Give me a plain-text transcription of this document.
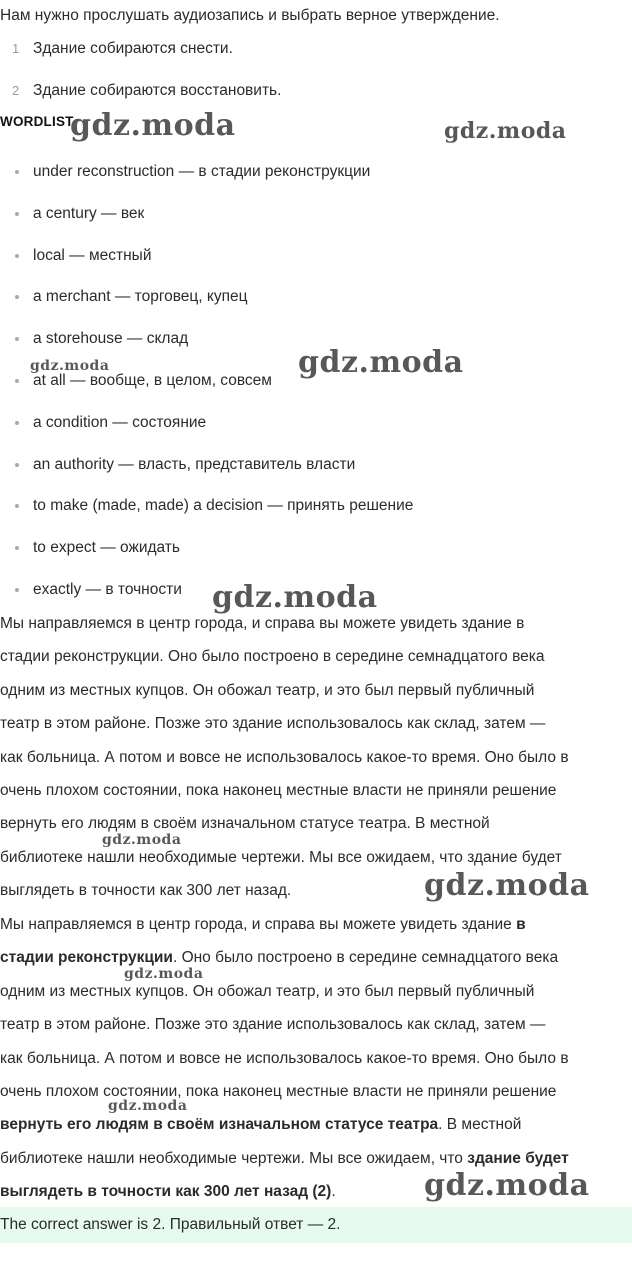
Нам нужно прослушать аудиозапись и выбрать верное утверждение.

1 Здание собираются снести.
2 Здание собираются восстановить.
WORDLIST
under reconstruction — в стадии реконструкции
a century — век
local — местный
a merchant — торговец, купец
a storehouse — склад
at all — вообще, в целом, совсем
a condition — состояние
an authority — власть, представитель власти
to make (made, made) a decision — принять решение
to expect — ожидать
exactly — в точности
Мы направляемся в центр города, и справа вы можете увидеть здание в
стадии реконструкции. Оно было построено в середине семнадцатого века
одним из местных купцов. Он обожал театр, и это был первый публичный
театр в этом районе. Позже это здание использовалось как склад, затем —
как больница. А потом и вовсе не использовалось какое-то время. Оно было в
очень плохом состоянии, пока наконец местные власти не приняли решение
вернуть его людям в своём изначальном статусе театра. В местной
библиотеке нашли необходимые чертежи. Мы все ожидаем, что здание будет
выглядеть в точности как 300 лет назад.
Мы направляемся в центр города, и справа вы можете увидеть здание в
стадии реконструкции. Оно было построено в середине семнадцатого века
одним из местных купцов. Он обожал театр, и это был первый публичный
театр в этом районе. Позже это здание использовалось как склад, затем —
как больница. А потом и вовсе не использовалось какое-то время. Оно было в
очень плохом состоянии, пока наконец местные власти не приняли решение
вернуть его людям в своём изначальном статусе театра. В местной
библиотеке нашли необходимые чертежи. Мы все ожидаем, что здание будет
выглядеть в точности как 300 лет назад (2).
The correct answer is 2. Правильный ответ — 2.
gdz.moda	gdz.moda
gdz.moda
gdz.moda
gdz.moda
gdz.moda
gdz.moda
gdz.moda
gdz.moda
gdz.moda
